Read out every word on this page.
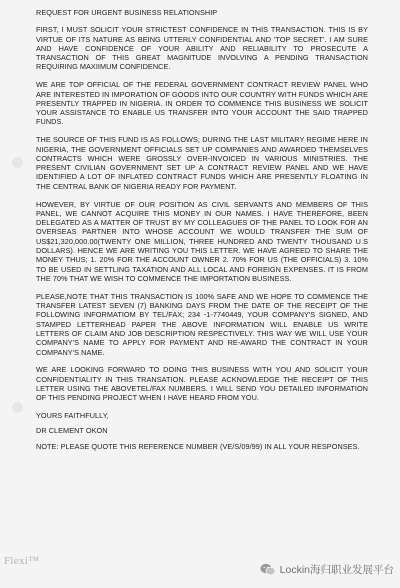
REQUEST FOR URGENT BUSINESS RELATIONSHIP

FIRST, I MUST SOLICIT YOUR STRICTEST CONFIDENCE IN THIS TRANSACTION. THIS IS BY VIRTUE OF ITS NATURE AS BEING UTTERLY CONFIDENTIAL AND 'TOP SECRET'. I AM SURE AND HAVE CONFIDENCE OF YOUR ABILITY AND RELIABILITY TO PROSECUTE A TRANSACTION OF THIS GREAT MAGNITUDE INVOLVING A PENDING TRANSACTION REQUIRING MAXIIMUM CONFIDENCE.

WE ARE TOP OFFICIAL OF THE FEDERAL GOVERNMENT CONTRACT REVIEW PANEL WHO ARE INTERESTED IN IMPORATION OF GOODS INTO OUR COUNTRY WITH FUNDS WHICH ARE PRESENTLY TRAPPED IN NIGERIA. IN ORDER TO COMMENCE THIS BUSINESS WE SOLICIT YOUR ASSISTANCE TO ENABLE US TRANSFER INTO YOUR ACCOUNT THE SAID TRAPPED FUNDS.

THE SOURCE OF THIS FUND IS AS FOLLOWS; DURING THE LAST MILITARY REGIME HERE IN NIGERIA, THE GOVERNMENT OFFICIALS SET UP COMPANIES AND AWARDED THEMSELVES CONTRACTS WHICH WERE GROSSLY OVER-INVOICED IN VARIOUS MINISTRIES. THE PRESENT CIVILIAN GOVERNMENT SET UP A CONTRACT REVIEW PANEL AND WE HAVE IDENTIFIED A LOT OF INFLATED CONTRACT FUNDS WHICH ARE PRESENTLY FLOATING IN THE CENTRAL BANK OF NIGERIA READY FOR PAYMENT.

HOWEVER, BY VIRTUE OF OUR POSITION AS CIVIL SERVANTS AND MEMBERS OF THIS PANEL, WE CANNOT ACQUIRE THIS MONEY IN OUR NAMES. I HAVE THEREFORE, BEEN DELEGATED AS A MATTER OF TRUST BY MY COLLEAGUES OF THE PANEL TO LOOK FOR AN OVERSEAS PARTNER INTO WHOSE ACCOUNT WE WOULD TRANSFER THE SUM OF US$21,320,000.00(TWENTY ONE MILLION, THREE HUNDRED AND TWENTY THOUSAND U.S DOLLARS). HENCE WE ARE WRITING YOU THIS LETTER. WE HAVE AGREED TO SHARE THE MONEY THUS; 1. 20% FOR THE ACCOUNT OWNER 2. 70% FOR US (THE OFFICIALS) 3. 10% TO BE USED IN SETTLING TAXATION AND ALL LOCAL AND FOREIGN EXPENSES. IT IS FROM THE 70% THAT WE WISH TO COMMENCE THE IMPORTATION BUSINESS.

PLEASE,NOTE THAT THIS TRANSACTION IS 100% SAFE AND WE HOPE TO COMMENCE THE TRANSFER LATEST SEVEN (7) BANKING DAYS FROM THE DATE OF THE RECEIPT OF THE FOLLOWING INFORMATIOM BY TEL/FAX; 234 -1-7740449, YOUR COMPANY'S SIGNED, AND STAMPED LETTERHEAD PAPER THE ABOVE INFORMATION WILL ENABLE US WRITE LETTERS OF CLAIM AND JOB DESCRIPTION RESPECTIVELY. THIS WAY WE WILL USE YOUR COMPANY'S NAME TO APPLY FOR PAYMENT AND RE-AWARD THE CONTRACT IN YOUR COMPANY'S NAME.

WE ARE LOOKING FORWARD TO DOING THIS BUSINESS WITH YOU AND SOLICIT YOUR CONFIDENTIALITY IN THIS TRANSATION. PLEASE ACKNOWLEDGE THE RECEIPT OF THIS LETTER USING THE ABOVETEL/FAX NUMBERS. I WILL SEND YOU DETAILED INFORMATION OF THIS PENDING PROJECT WHEN I HAVE HEARD FROM YOU.

YOURS FAITHFULLY,

DR CLEMENT OKON

NOTE: PLEASE QUOTE THIS REFERENCE NUMBER (VE/S/09/99) IN ALL YOUR RESPONSES.

Flexi™
Lockin海归职业发展平台
